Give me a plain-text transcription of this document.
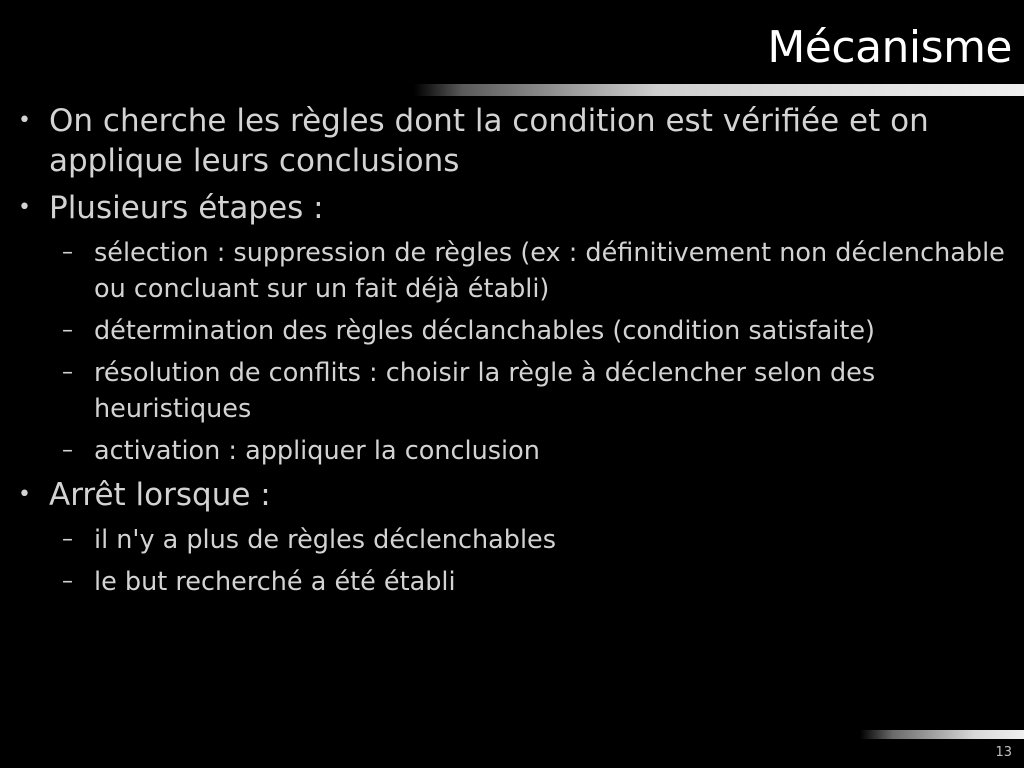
Mécanisme
• On cherche les règles dont la condition est vérifiée et on applique leurs conclusions
• Plusieurs étapes :
– sélection : suppression de règles (ex : définitivement non déclenchable ou concluant sur un fait déjà établi)
– détermination des règles déclanchables (condition satisfaite)
– résolution de conflits : choisir la règle à déclencher selon des heuristiques
– activation : appliquer la conclusion
• Arrêt lorsque :
– il n'y a plus de règles déclenchables
– le but recherché a été établi
13
